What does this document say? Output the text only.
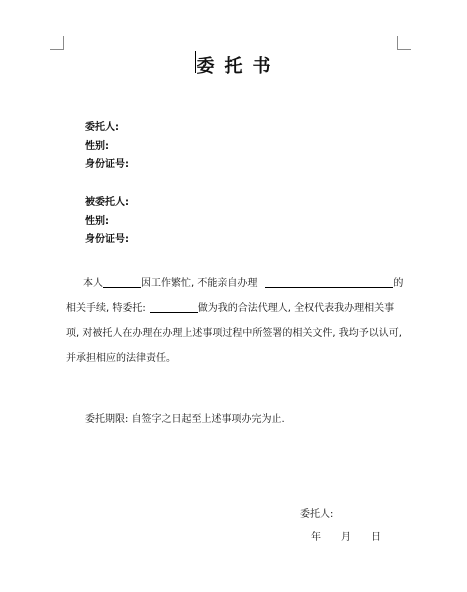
委托书
委托人:
性别:
身份证号:
被委托人:
性别:
身份证号:
本人	因工作繁忙, 不能亲自办理	的
相关手续, 特委托:	做为我的合法代理人, 全权代表我办理相关事
项, 对被托人在办理在办理上述事项过程中所签署的相关文件, 我均予以认可,
并承担相应的法律责任。
委托期限: 自签字之日起至上述事项办完为止.
委托人:
年 月 日
